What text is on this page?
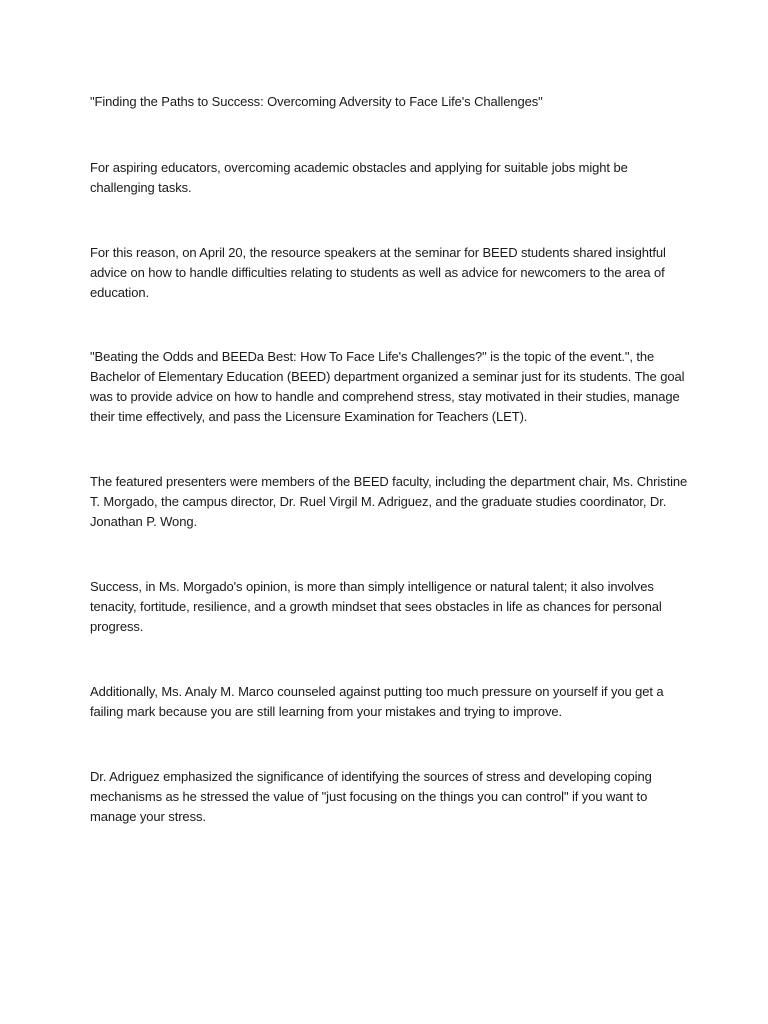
"Finding the Paths to Success: Overcoming Adversity to Face Life's Challenges"

For aspiring educators, overcoming academic obstacles and applying for suitable jobs might be challenging tasks.

For this reason, on April 20, the resource speakers at the seminar for BEED students shared insightful advice on how to handle difficulties relating to students as well as advice for newcomers to the area of education.

"Beating the Odds and BEEDa Best: How To Face Life's Challenges?" is the topic of the event.", the Bachelor of Elementary Education (BEED) department organized a seminar just for its students. The goal was to provide advice on how to handle and comprehend stress, stay motivated in their studies, manage their time effectively, and pass the Licensure Examination for Teachers (LET).

The featured presenters were members of the BEED faculty, including the department chair, Ms. Christine T. Morgado, the campus director, Dr. Ruel Virgil M. Adriguez, and the graduate studies coordinator, Dr. Jonathan P. Wong.

Success, in Ms. Morgado's opinion, is more than simply intelligence or natural talent; it also involves tenacity, fortitude, resilience, and a growth mindset that sees obstacles in life as chances for personal progress.

Additionally, Ms. Analy M. Marco counseled against putting too much pressure on yourself if you get a failing mark because you are still learning from your mistakes and trying to improve.

Dr. Adriguez emphasized the significance of identifying the sources of stress and developing coping mechanisms as he stressed the value of "just focusing on the things you can control" if you want to manage your stress.
